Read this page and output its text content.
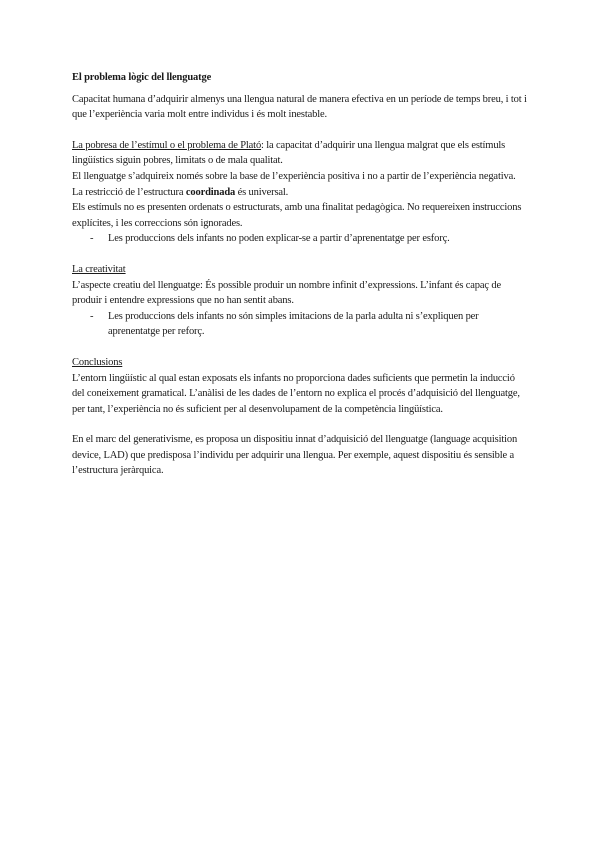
El problema lògic del llenguatge

Capacitat humana d’adquirir almenys una llengua natural de manera efectiva en un període de temps breu, i tot i que l’experiència varia molt entre individus i és molt inestable.

La pobresa de l’estímul o el problema de Plató: la capacitat d’adquirir una llengua malgrat que els estímuls lingüístics siguin pobres, limitats o de mala qualitat.

El llenguatge s’adquireix només sobre la base de l’experiència positiva i no a partir de l’experiència negativa.

La restricció de l’estructura coordinada és universal.

Els estímuls no es presenten ordenats o estructurats, amb una finalitat pedagògica. No requereixen instruccions explícites, i les correccions són ignorades.

- Les produccions dels infants no poden explicar-se a partir d’aprenentatge per esforç.

La creativitat

L’aspecte creatiu del llenguatge: És possible produir un nombre infinit d’expressions. L’infant és capaç de produir i entendre expressions que no han sentit abans.

- Les produccions dels infants no són simples imitacions de la parla adulta ni s’expliquen per aprenentatge per reforç.

Conclusions

L’entorn lingüístic al qual estan exposats els infants no proporciona dades suficients que permetin la inducció del coneixement gramatical. L’anàlisi de les dades de l’entorn no explica el procés d’adquisició del llenguatge, per tant, l’experiència no és suficient per al desenvolupament de la competència lingüística.

En el marc del generativisme, es proposa un dispositiu innat d’adquisició del llenguatge (language acquisition device, LAD) que predisposa l’individu per adquirir una llengua. Per exemple, aquest dispositiu és sensible a l’estructura jeràrquica.
